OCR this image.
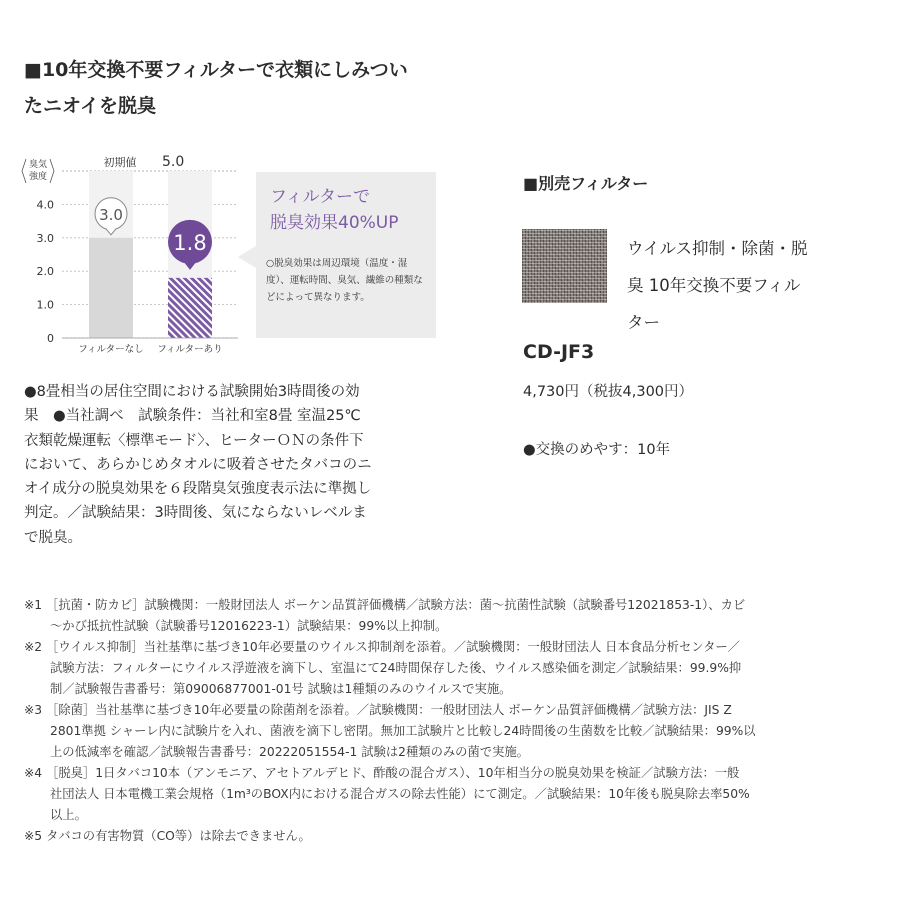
■10年交換不要フィルターで衣類にしみつい
たニオイを脱臭
臭気
強度
0
1.0
2.0
3.0
4.0
初期値 5.0
フィルターなし フィルターあり
3.0
1.8
フィルターで
脱臭効果40%UP
○脱臭効果は周辺環境（温度・湿度）、運転時間、臭気、繊維の種類などによって異なります。
●8畳相当の居住空間における試験開始3時間後の効
果　●当社調べ　試験条件：当社和室8畳 室温25℃
衣類乾燥運転〈標準モード〉、ヒーターＯＮの条件下
において、あらかじめタオルに吸着させたタバコのニ
オイ成分の脱臭効果を６段階臭気強度表示法に準拠し
判定。／試験結果：3時間後、気にならないレベルま
で脱臭。
■別売フィルター
ウイルス抑制・除菌・脱
臭 10年交換不要フィル
ター
CD-JF3
4,730円（税抜4,300円）
●交換のめやす：10年
※1 ［抗菌・防カビ］試験機関：一般財団法人 ボーケン品質評価機構／試験方法：菌〜抗菌性試験（試験番号12021853-1）、カビ
〜かび抵抗性試験（試験番号12016223-1）試験結果：99%以上抑制。
※2 ［ウイルス抑制］当社基準に基づき10年必要量のウイルス抑制剤を添着。／試験機関：一般財団法人 日本食品分析センター／
試験方法：フィルターにウイルス浮遊液を滴下し、室温にて24時間保存した後、ウイルス感染価を測定／試験結果：99.9%抑
制／試験報告書番号：第09006877001-01号 試験は1種類のみのウイルスで実施。
※3 ［除菌］当社基準に基づき10年必要量の除菌剤を添着。／試験機関：一般財団法人 ボーケン品質評価機構／試験方法：JIS Z
2801準拠 シャーレ内に試験片を入れ、菌液を滴下し密閉。無加工試験片と比較し24時間後の生菌数を比較／試験結果：99%以
上の低減率を確認／試験報告書番号：20222051554-1 試験は2種類のみの菌で実施。
※4 ［脱臭］1日タバコ10本（アンモニア、アセトアルデヒド、酢酸の混合ガス）、10年相当分の脱臭効果を検証／試験方法：一般
社団法人 日本電機工業会規格（1m³のBOX内における混合ガスの除去性能）にて測定。／試験結果：10年後も脱臭除去率50%
以上。
※5 タバコの有害物質（CO等）は除去できません。
